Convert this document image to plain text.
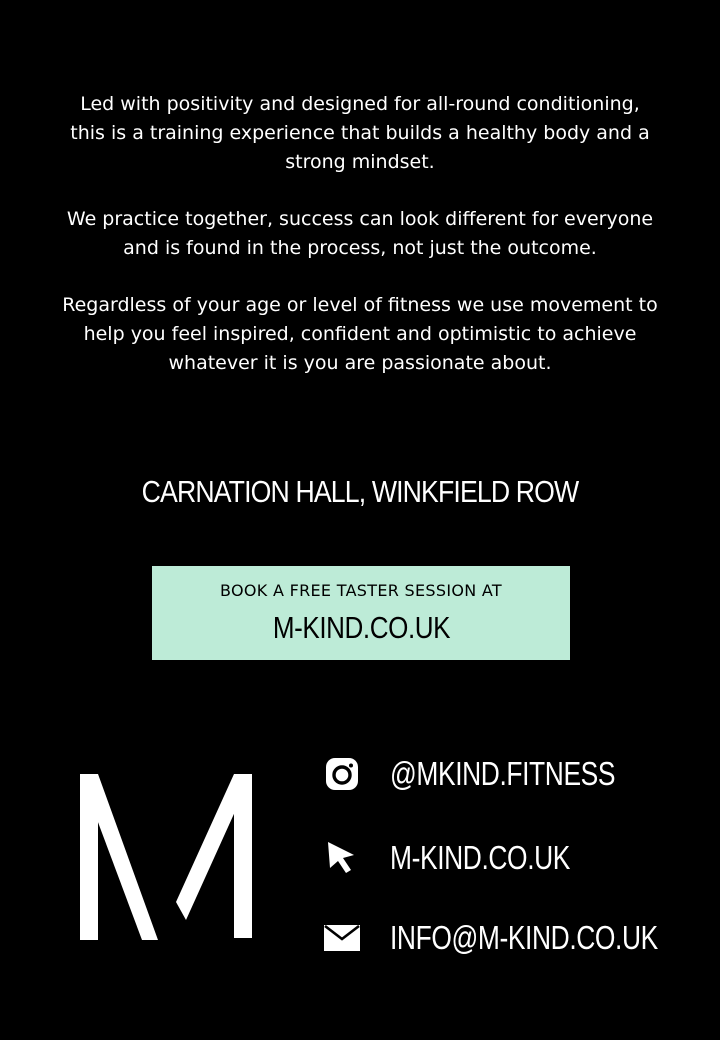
Led with positivity and designed for all-round conditioning, this is a training experience that builds a healthy body and a strong mindset.

We practice together, success can look different for everyone and is found in the process, not just the outcome.

Regardless of your age or level of fitness we use movement to help you feel inspired, confident and optimistic to achieve whatever it is you are passionate about.

CARNATION HALL, WINKFIELD ROW
BOOK A FREE TASTER SESSION AT
M-KIND.CO.UK
@MKIND.FITNESS
M-KIND.CO.UK
INFO@M-KIND.CO.UK
